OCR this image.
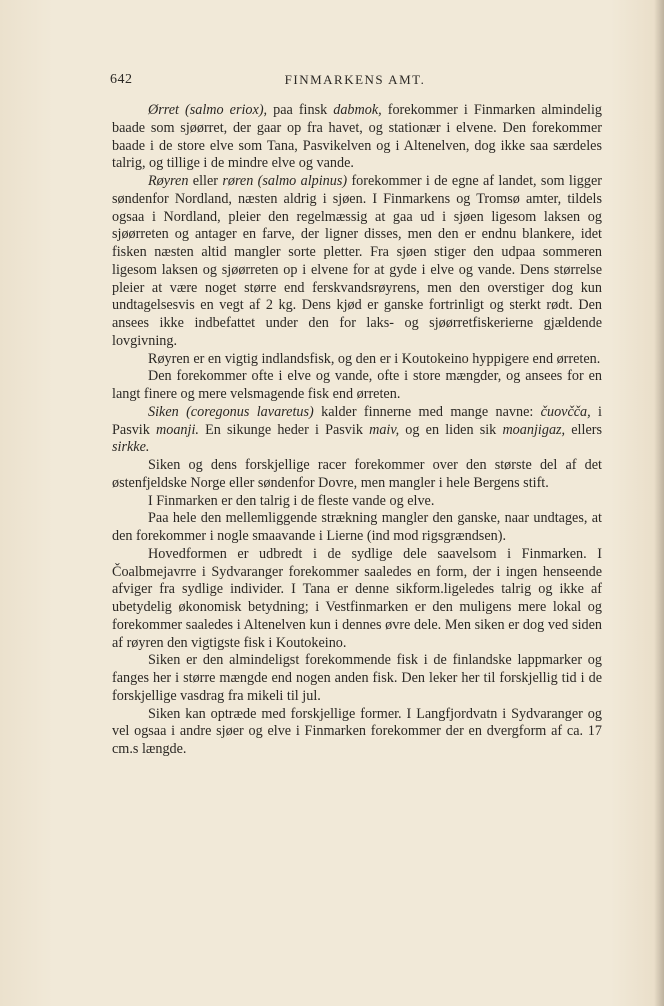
642	FINMARKENS AMT.

Ørret (salmo eriox), paa finsk dabmok, forekommer i Finmarken almindelig baade som sjøørret, der gaar op fra havet, og stationær i elvene. Den forekommer baade i de store elve som Tana, Pasvikelven og i Altenelven, dog ikke saa særdeles talrig, og tillige i de mindre elve og vande.

Røyren eller røren (salmo alpinus) forekommer i de egne af landet, som ligger søndenfor Nordland, næsten aldrig i sjøen. I Finmarkens og Tromsø amter, tildels ogsaa i Nordland, pleier den regelmæssig at gaa ud i sjøen ligesom laksen og sjøørreten og antager en farve, der ligner disses, men den er endnu blankere, idet fisken næsten altid mangler sorte pletter. Fra sjøen stiger den udpaa sommeren ligesom laksen og sjøørreten op i elvene for at gyde i elve og vande. Dens størrelse pleier at være noget større end ferskvandsrøyrens, men den overstiger dog kun undtagelsesvis en vegt af 2 kg. Dens kjød er ganske fortrinligt og sterkt rødt. Den ansees ikke indbefattet under den for laks- og sjøørretfiskerierne gjældende lovgivning.

Røyren er en vigtig indlandsfisk, og den er i Koutokeino hyppigere end ørreten.

Den forekommer ofte i elve og vande, ofte i store mængder, og ansees for en langt finere og mere velsmagende fisk end ørreten.

Siken (coregonus lavaretus) kalder finnerne med mange navne: čuovčča, i Pasvik moanji. En sikunge heder i Pasvik maiv, og en liden sik moanjigaz, ellers sirkke.

Siken og dens forskjellige racer forekommer over den største del af det østenfjeldske Norge eller søndenfor Dovre, men mangler i hele Bergens stift.

I Finmarken er den talrig i de fleste vande og elve.

Paa hele den mellemliggende strækning mangler den ganske, naar undtages, at den forekommer i nogle smaavande i Lierne (ind mod rigsgrændsen).

Hovedformen er udbredt i de sydlige dele saavelsom i Finmarken. I Čoalbmejavrre i Sydvaranger forekommer saaledes en form, der i ingen henseende afviger fra sydlige individer. I Tana er denne sikform.ligeledes talrig og ikke af ubetydelig økonomisk betydning; i Vestfinmarken er den muligens mere lokal og forekommer saaledes i Altenelven kun i dennes øvre dele. Men siken er dog ved siden af røyren den vigtigste fisk i Koutokeino.

Siken er den almindeligst forekommende fisk i de finlandske lappmarker og fanges her i større mængde end nogen anden fisk. Den leker her til forskjellig tid i de forskjellige vasdrag fra mikeli til jul.

Siken kan optræde med forskjellige former. I Langfjordvatn i Sydvaranger og vel ogsaa i andre sjøer og elve i Finmarken forekommer der en dvergform af ca. 17 cm.s længde.
